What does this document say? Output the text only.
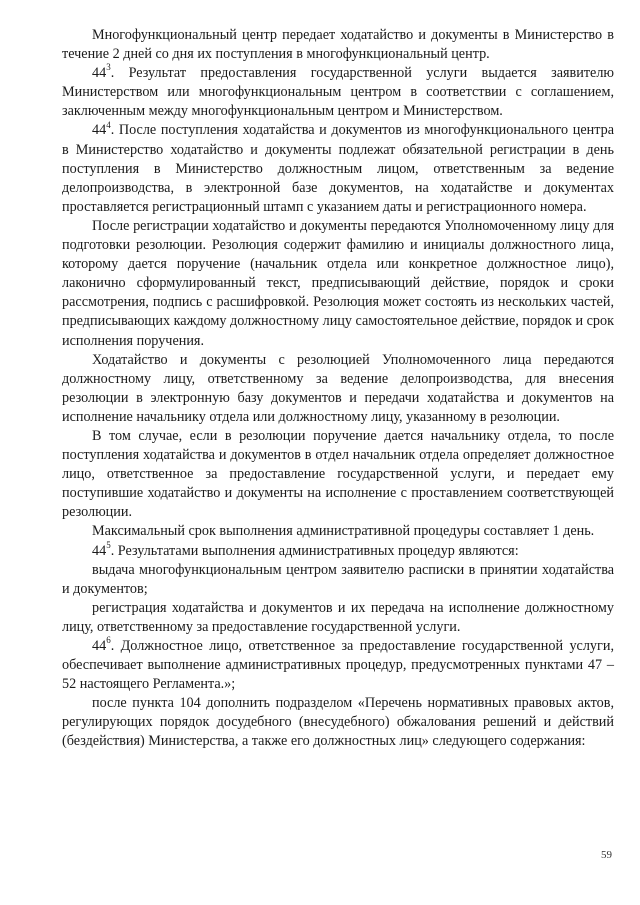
Многофункциональный центр передает ходатайство и документы в Министерство в течение 2 дней со дня их поступления в многофункциональный центр.

$44^3$. Результат предоставления государственной услуги выдается заявителю Министерством или многофункциональным центром в соответствии с соглашением, заключенным между многофункциональным центром и Министерством.

$44^4$. После поступления ходатайства и документов из многофункционального центра в Министерство ходатайство и документы подлежат обязательной регистрации в день поступления в Министерство должностным лицом, ответственным за ведение делопроизводства, в электронной базе документов, на ходатайстве и документах проставляется регистрационный штамп с указанием даты и регистрационного номера.

После регистрации ходатайство и документы передаются Уполномоченному лицу для подготовки резолюции. Резолюция содержит фамилию и инициалы должностного лица, которому дается поручение (начальник отдела или конкретное должностное лицо), лаконично сформулированный текст, предписывающий действие, порядок и сроки рассмотрения, подпись с расшифровкой. Резолюция может состоять из нескольких частей, предписывающих каждому должностному лицу самостоятельное действие, порядок и срок исполнения поручения.

Ходатайство и документы с резолюцией Уполномоченного лица передаются должностному лицу, ответственному за ведение делопроизводства, для внесения резолюции в электронную базу документов и передачи ходатайства и документов на исполнение начальнику отдела или должностному лицу, указанному в резолюции.

В том случае, если в резолюции поручение дается начальнику отдела, то после поступления ходатайства и документов в отдел начальник отдела определяет должностное лицо, ответственное за предоставление государственной услуги, и передает ему поступившие ходатайство и документы на исполнение с проставлением соответствующей резолюции.

Максимальный срок выполнения административной процедуры составляет 1 день.

$44^5$. Результатами выполнения административных процедур являются:

выдача многофункциональным центром заявителю расписки в принятии ходатайства и документов;

регистрация ходатайства и документов и их передача на исполнение должностному лицу, ответственному за предоставление государственной услуги.

$44^6$. Должностное лицо, ответственное за предоставление государственной услуги, обеспечивает выполнение административных процедур, предусмотренных пунктами 47 – 52 настоящего Регламента.»;

после пункта 104 дополнить подразделом «Перечень нормативных правовых актов, регулирующих порядок досудебного (внесудебного) обжалования решений и действий (бездействия) Министерства, а также его должностных лиц» следующего содержания:

59
